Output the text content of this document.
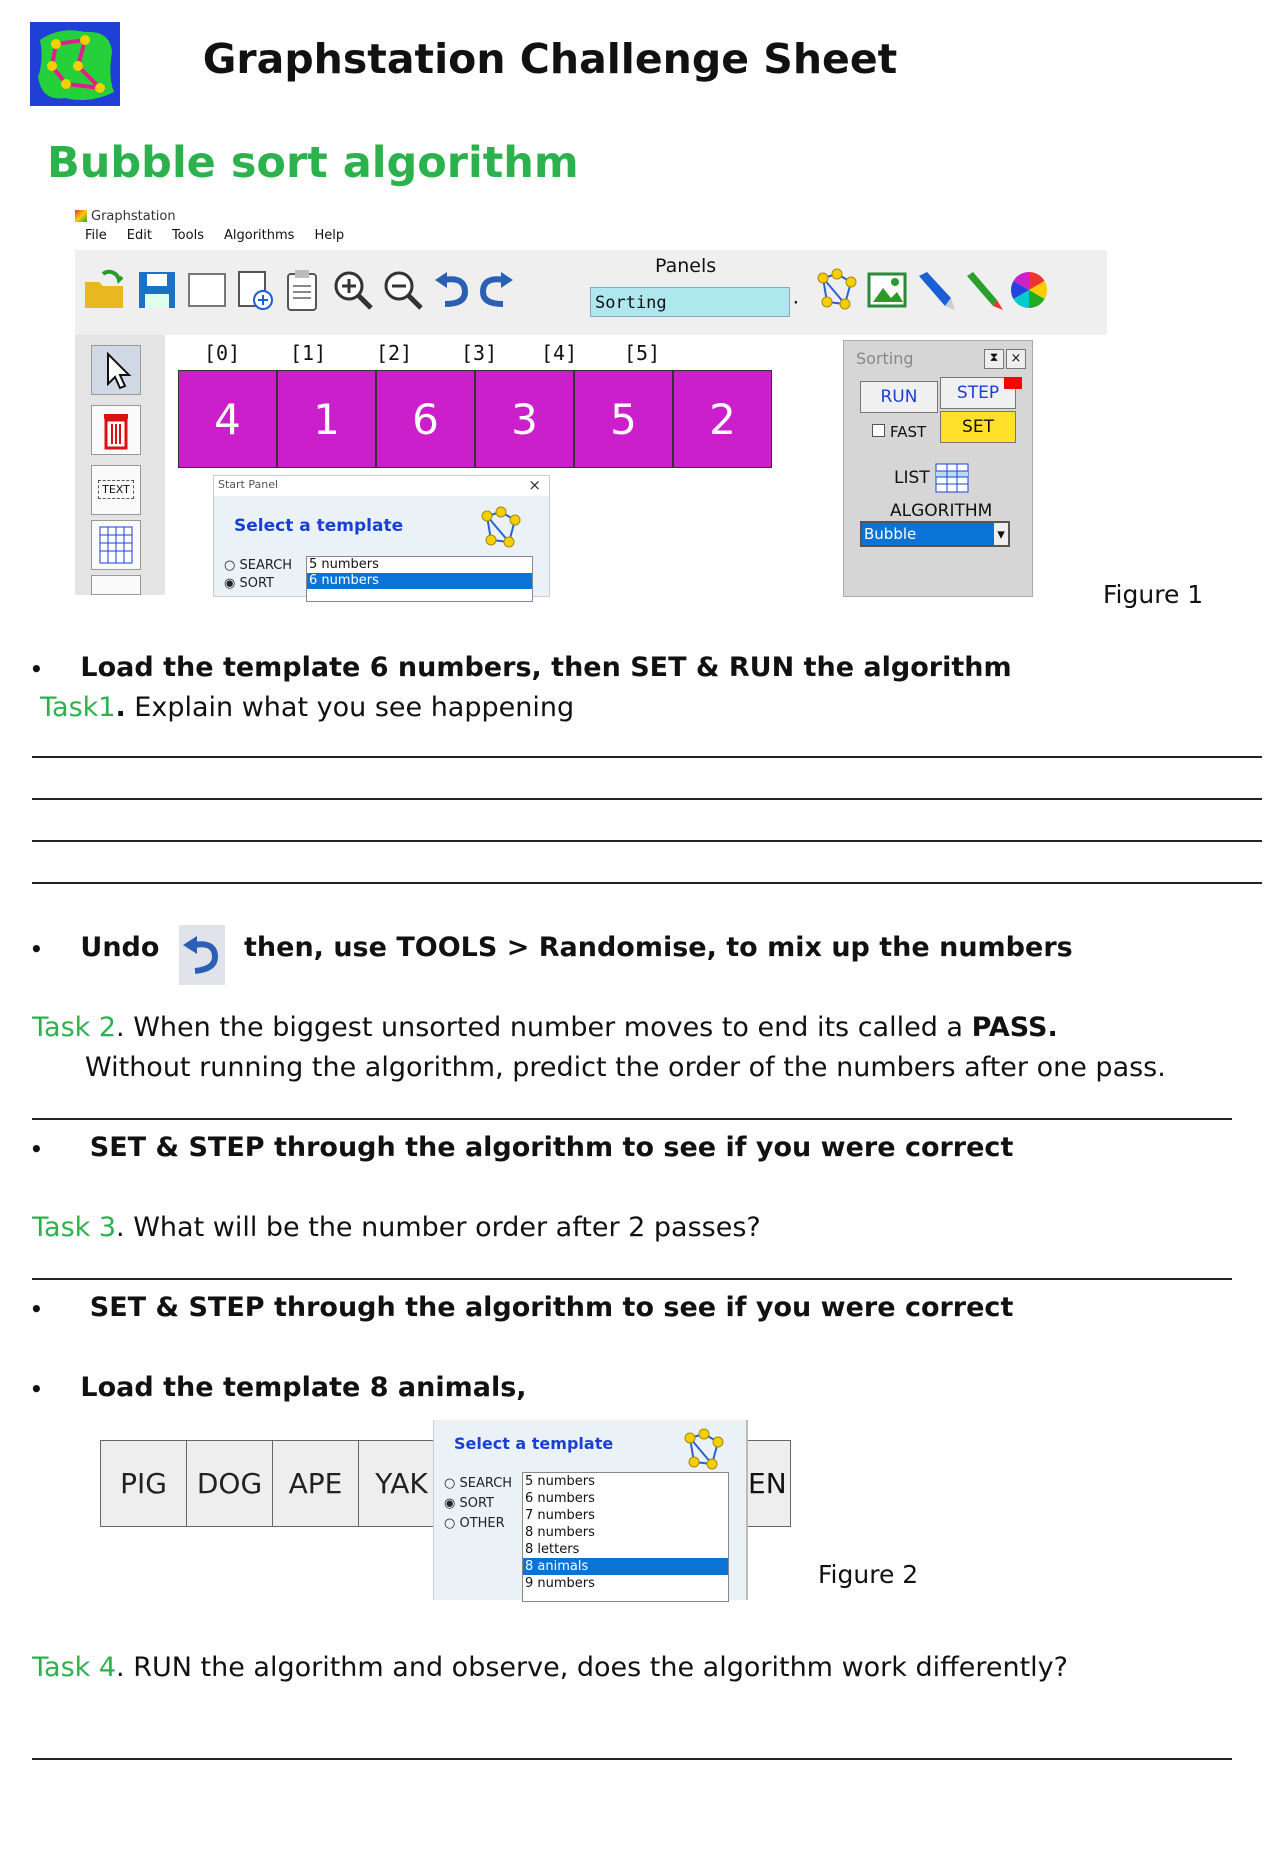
Graphstation Challenge Sheet
Bubble sort algorithm
Graphstation
File Edit Tools Algorithms Help
Panels
Sorting ·
TEXT
[0] [1] [2] [3] [4] [5]
4	1	6	3	5	2
Start Panel	×
Select a template
○ SEARCH
◉ SORT
5 numbers
6 numbers
Sorting	⧗ ×
RUN	STEP
SET
FAST
LIST
ALGORITHM
Bubble ▾
Figure 1
• Load the template 6 numbers, then SET & RUN the algorithm
Task1. Explain what you see happening
• Undo	then, use TOOLS > Randomise, to mix up the numbers
Task 2. When the biggest unsorted number moves to end its called a PASS.
Without running the algorithm, predict the order of the numbers after one pass.
• SET & STEP through the algorithm to see if you were correct
Task 3. What will be the number order after 2 passes?
• SET & STEP through the algorithm to see if you were correct
• Load the template 8 animals,
PIG	DOG APE	YAK	EN
Select a template
○ SEARCH
◉ SORT
○ OTHER
5 numbers
6 numbers
7 numbers
8 numbers
8 letters
8 animals
9 numbers	Figure 2
Task 4. RUN the algorithm and observe, does the algorithm work differently?
